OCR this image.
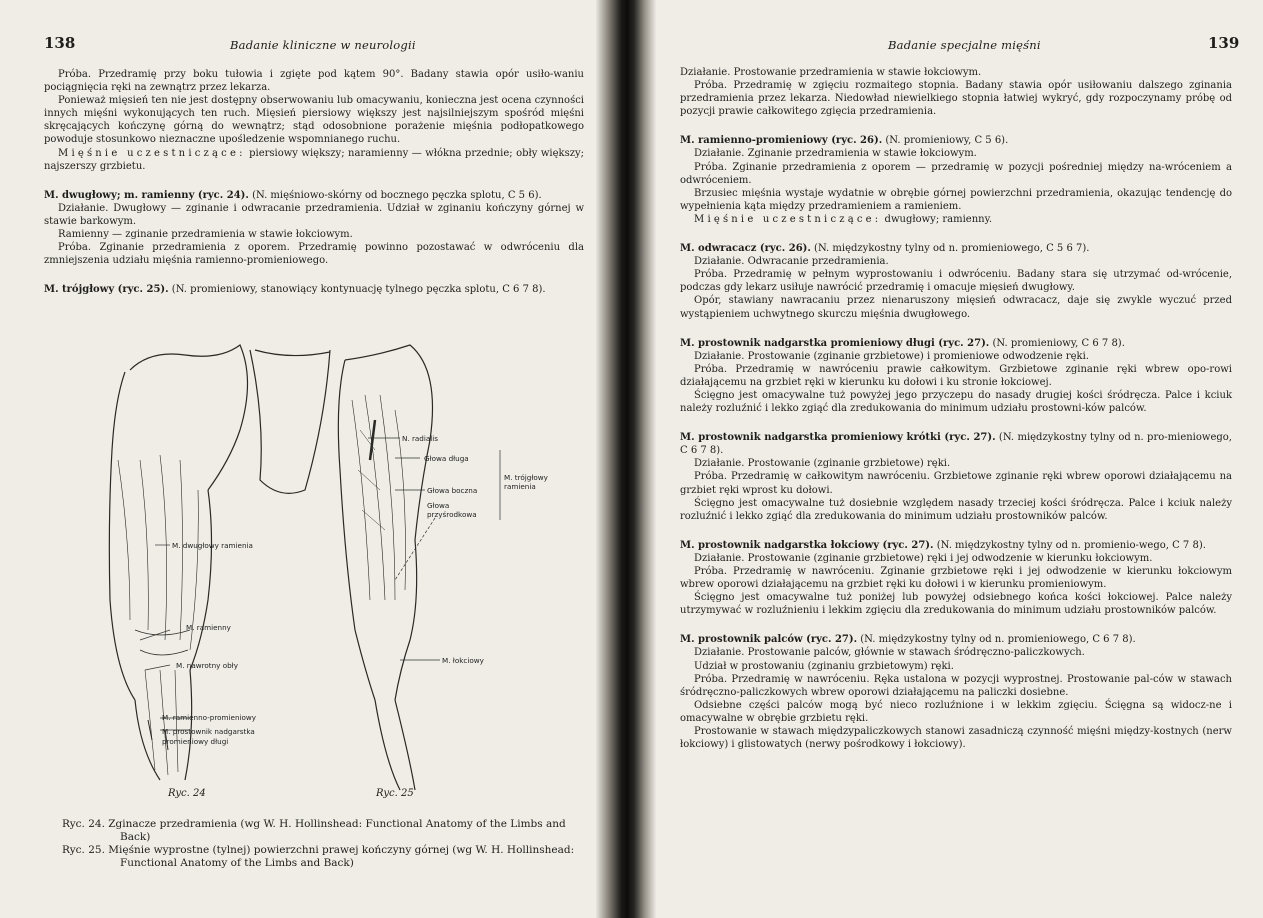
138	Badanie kliniczne w neurologii

Próba. Przedramię przy boku tułowia i zgięte pod kątem 90°. Badany stawia opór usiło-waniu pociągnięcia ręki na zewnątrz przez lekarza.

Ponieważ mięsień ten nie jest dostępny obserwowaniu lub omacywaniu, konieczna jest ocena czynności innych mięśni wykonujących ten ruch. Mięsień piersiowy większy jest najsilniejszym spośród mięśni skręcających kończynę górną do wewnątrz; stąd odosobnione porażenie mięśnia podłopatkowego powoduje stosunkowo nieznaczne upośledzenie wspomnianego ruchu.

Mięśnie uczestniczące: piersiowy większy; naramienny — włókna przednie; obły większy; najszerszy grzbietu.

M. dwugłowy; m. ramienny (ryc. 24). (N. mięśniowo-skórny od bocznego pęczka splotu, C 5 6).

Działanie. Dwugłowy — zginanie i odwracanie przedramienia. Udział w zginaniu kończyny górnej w stawie barkowym.

Ramienny — zginanie przedramienia w stawie łokciowym.

Próba. Zginanie przedramienia z oporem. Przedramię powinno pozostawać w odwróceniu dla zmniejszenia udziału mięśnia ramienno-promieniowego.

M. trójgłowy (ryc. 25). (N. promieniowy, stanowiący kontynuację tylnego pęczka splotu, C 6 7 8).

M. dwugłowy ramienia
M. ramienny
M. nawrotny obły
M. ramienno-promieniowy
M. prostownik nadgarstka
promieniowy długi
N. radialis
Głowa długa
Głowa boczna
Głowa
przyśrodkowa
M. łokciowy
M. trójgłowy
ramienia
Ryc. 24	Ryc. 25

Ryc. 24. Zginacze przedramienia (wg W. H. Hollinshead: Functional Anatomy of the Limbs and Back)

Ryc. 25. Mięśnie wyprostne (tylnej) powierzchni prawej kończyny górnej (wg W. H. Hollinshead: Functional Anatomy of the Limbs and Back)

Badanie specjalne mięśni	139

Działanie. Prostowanie przedramienia w stawie łokciowym.

Próba. Przedramię w zgięciu rozmaitego stopnia. Badany stawia opór usiłowaniu dalszego zginania przedramienia przez lekarza. Niedowład niewielkiego stopnia łatwiej wykryć, gdy rozpoczynamy próbę od pozycji prawie całkowitego zgięcia przedramienia.

M. ramienno-promieniowy (ryc. 26). (N. promieniowy, C 5 6).

Działanie. Zginanie przedramienia w stawie łokciowym.

Próba. Zginanie przedramienia z oporem — przedramię w pozycji pośredniej między na-wróceniem a odwróceniem.

Brzusiec mięśnia wystaje wydatnie w obrębie górnej powierzchni przedramienia, okazując tendencję do wypełnienia kąta między przedramieniem a ramieniem.

Mięśnie uczestniczące: dwugłowy; ramienny.

M. odwracacz (ryc. 26). (N. międzykostny tylny od n. promieniowego, C 5 6 7).

Działanie. Odwracanie przedramienia.

Próba. Przedramię w pełnym wyprostowaniu i odwróceniu. Badany stara się utrzymać od-wrócenie, podczas gdy lekarz usiłuje nawrócić przedramię i omacuje mięsień dwugłowy.

Opór, stawiany nawracaniu przez nienaruszony mięsień odwracacz, daje się zwykle wyczuć przed wystąpieniem uchwytnego skurczu mięśnia dwugłowego.

M. prostownik nadgarstka promieniowy długi (ryc. 27). (N. promieniowy, C 6 7 8).

Działanie. Prostowanie (zginanie grzbietowe) i promieniowe odwodzenie ręki.

Próba. Przedramię w nawróceniu prawie całkowitym. Grzbietowe zginanie ręki wbrew opo-rowi działającemu na grzbiet ręki w kierunku ku dołowi i ku stronie łokciowej.

Ścięgno jest omacywalne tuż powyżej jego przyczepu do nasady drugiej kości śródręcza. Palce i kciuk należy rozluźnić i lekko zgiąć dla zredukowania do minimum udziału prostowni-ków palców.

M. prostownik nadgarstka promieniowy krótki (ryc. 27). (N. międzykostny tylny od n. pro-mieniowego, C 6 7 8).

Działanie. Prostowanie (zginanie grzbietowe) ręki.

Próba. Przedramię w całkowitym nawróceniu. Grzbietowe zginanie ręki wbrew oporowi działającemu na grzbiet ręki wprost ku dołowi.

Ścięgno jest omacywalne tuż dosiebnie względem nasady trzeciej kości śródręcza. Palce i kciuk należy rozluźnić i lekko zgiąć dla zredukowania do minimum udziału prostowników palców.

M. prostownik nadgarstka łokciowy (ryc. 27). (N. międzykostny tylny od n. promienio-wego, C 7 8).

Działanie. Prostowanie (zginanie grzbietowe) ręki i jej odwodzenie w kierunku łokciowym.

Próba. Przedramię w nawróceniu. Zginanie grzbietowe ręki i jej odwodzenie w kierunku łokciowym wbrew oporowi działającemu na grzbiet ręki ku dołowi i w kierunku promieniowym.

Ścięgno jest omacywalne tuż poniżej lub powyżej odsiebnego końca kości łokciowej. Palce należy utrzymywać w rozluźnieniu i lekkim zgięciu dla zredukowania do minimum udziału prostowników palców.

M. prostownik palców (ryc. 27). (N. międzykostny tylny od n. promieniowego, C 6 7 8).

Działanie. Prostowanie palców, głównie w stawach śródręczno-paliczkowych.

Udział w prostowaniu (zginaniu grzbietowym) ręki.

Próba. Przedramię w nawróceniu. Ręka ustalona w pozycji wyprostnej. Prostowanie pal-ców w stawach śródręczno-paliczkowych wbrew oporowi działającemu na paliczki dosiebne.

Odsiebne części palców mogą być nieco rozluźnione i w lekkim zgięciu. Ścięgna są widocz-ne i omacywalne w obrębie grzbietu ręki.

Prostowanie w stawach międzypaliczkowych stanowi zasadniczą czynność mięśni między-kostnych (nerw łokciowy) i glistowatych (nerwy pośrodkowy i łokciowy).
